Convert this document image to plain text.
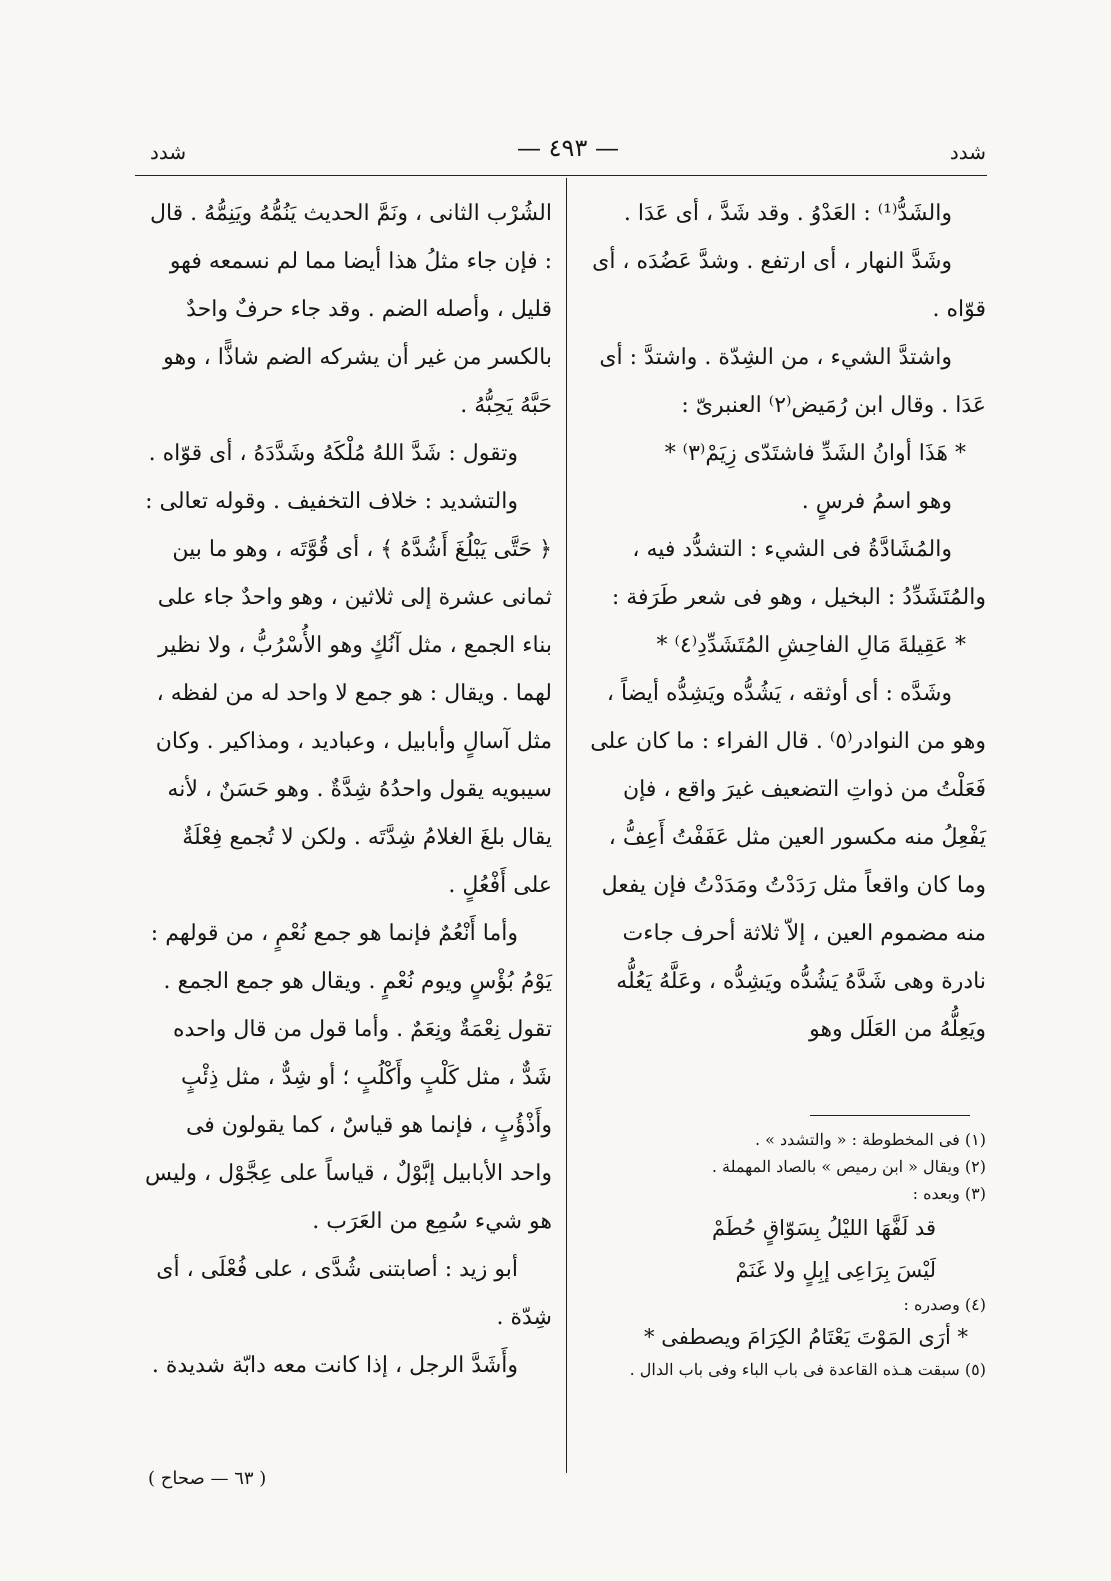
شدد
— ٤٩٣ —
شدد

والشَدُّ⁽¹⁾ : العَدْوُ . وقد شَدَّ ، أى عَدَا .

وشَدَّ النهار ، أى ارتفع . وشدَّ عَضُدَه ، أى قوّاه .

واشتدَّ الشيء ، من الشِدّة . واشتدَّ : أى عَدَا . وقال ابن رُمَيض⁽٢⁾ العنبرىّ :

* هَذَا أوانُ الشَدِّ فاشتَدّى زِيَمْ⁽٣⁾ *

وهو اسمُ فرسٍ .

والمُشَادَّةُ فى الشيء : التشدُّد فيه ، والمُتَشَدِّدُ : البخيل ، وهو فى شعر طَرَفة :

* عَقِيلةَ مَالِ الفاحِشِ المُتَشَدِّدِ⁽٤⁾ *

وشَدَّه : أى أوثقه ، يَشُدُّه ويَشِدُّه أيضاً ، وهو من النوادر⁽٥⁾ . قال الفراء : ما كان على فَعَلْتُ من ذواتِ التضعيف غيرَ واقع ، فإن يَفْعِلُ منه مكسور العين مثل عَفَفْتُ أَعِفُّ ، وما كان واقعاً مثل رَدَدْتُ ومَدَدْتُ فإن يفعل منه مضموم العين ، إلاّ ثلاثة أحرف جاءت نادرة وهى شَدَّهُ يَشُدُّه ويَشِدُّه ، وعَلَّهُ يَعُلُّه ويَعِلُّهُ من العَلَل وهو

(١) فى المخطوطة : « والتشدد » .

(٢) ويقال « ابن رميص » بالصاد المهملة .

(٣) وبعده :

قد لَفَّهَا الليْلُ بِسَوّاقٍ حُطَمْ

لَيْسَ بِرَاعِى إبِلٍ ولا غَنَمْ

(٤) وصدره :

* أرَى المَوْتَ يَعْتَامُ الكِرَامَ ويصطفى *

(٥) سبقت هـذه القاعدة فى باب الباء وفى باب الدال .

الشُرْب الثانى ، ونَمَّ الحديث يَنُمُّهُ ويَنِمُّهُ . قال : فإن جاء مثلُ هذا أيضا مما لم نسمعه فهو قليل ، وأصله الضم . وقد جاء حرفٌ واحدٌ بالكسر من غير أن يشركه الضم شاذًّا ، وهو حَبَّهُ يَحِبُّهُ .

وتقول : شَدَّ اللهُ مُلْكَهُ وشَدَّدَهُ ، أى قوّاه .

والتشديد : خلاف التخفيف . وقوله تعالى : ﴿ حَتَّى يَبْلُغَ أَشُدَّهُ ﴾ ، أى قُوَّتَه ، وهو ما بين ثمانى عشرة إلى ثلاثين ، وهو واحدٌ جاء على بناء الجمع ، مثل آنُكٍ وهو الأُسْرُبُّ ، ولا نظير لهما . ويقال : هو جمع لا واحد له من لفظه ، مثل آسالٍ وأبابيل ، وعباديد ، ومذاكير . وكان سيبويه يقول واحدُهُ شِدَّةٌ . وهو حَسَنٌ ، لأنه يقال بلغَ الغلامُ شِدَّتَه . ولكن لا تُجمع فِعْلَةٌ على أَفْعُلٍ .

وأما أَنْعُمٌ فإنما هو جمع نُعْمٍ ، من قولهم : يَوْمُ بُؤْسٍ ويوم نُعْمٍ . ويقال هو جمع الجمع . تقول نِعْمَةٌ ونِعَمٌ . وأما قول من قال واحده شَدٌّ ، مثل كَلْبٍ وأَكْلُبٍ ؛ أو شِدٌّ ، مثل ذِئْبٍ وأَذْؤُبٍ ، فإنما هو قياسٌ ، كما يقولون فى واحد الأبابيل إبَّوْلٌ ، قياساً على عِجَّوْل ، وليس هو شيء سُمِع من العَرَب .

أبو زيد : أصابتنى شُدَّى ، على فُعْلَى ، أى شِدّة .

وأَشَدَّ الرجل ، إذا كانت معه دابّة شديدة .

( ٦٣ — صحاح )
